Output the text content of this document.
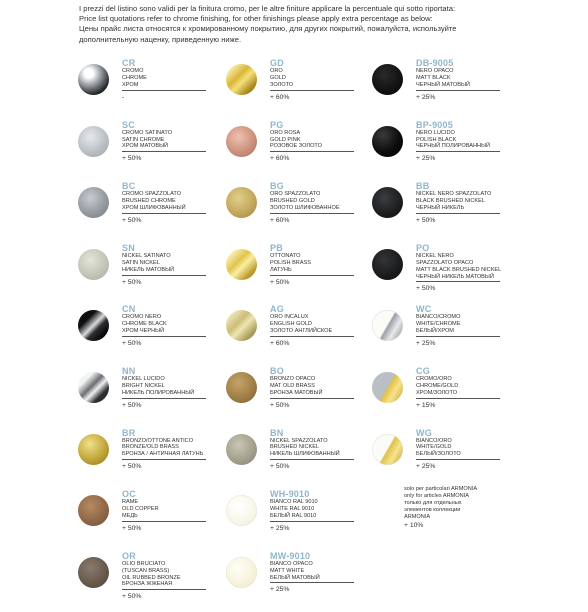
I prezzi del listino sono validi per la finitura cromo, per le altre finiture applicare la percentuale qui sotto riportata:
Price list quotations refer to chrome finishing, for other finishings please apply extra percentage as below:
Цены прайс листа относятся к хромированному покрытию, для других покрытий, пожалуйста, используйте
дополнительную наценку, приведенную ниже.
CR
CROMO
CHROME
ХРОМ
-
SC
CROMO SATINATO
SATIN CHROME
ХРОМ МАТОВЫЙ
+ 50%
BC
CROMO SPAZZOLATO
BRUSHED CHROME
ХРОМ ШЛИФОВАННЫЙ
+ 50%
SN
NICKEL SATINATO
SATIN NICKEL
НИКЕЛЬ МАТОВЫЙ
+ 50%
CN
CROMO NERO
CHROME BLACK
ХРОМ ЧЕРНЫЙ
+ 50%
NN
NICKEL LUCIDO
BRIGHT NICKEL
НИКЕЛЬ ПОЛИРОВАННЫЙ
+ 50%
BR
BRONZO/OTTONE ANTICO
BRONZE/OLD BRASS
БРОНЗА / АНТИЧНАЯ ЛАТУНЬ
+ 50%
OC
RAME
OLD COPPER
МЕДЬ
+ 50%
OR
OLIO BRUCIATO
(TUSCAN BRASS)
OIL RUBBED BRONZE
БРОНЗА ЖЖЕНАЯ
+ 50%
GD
ORO
GOLD
ЗОЛОТО
+ 60%
PG
ORO ROSA
GOLD PINK
РОЗОВОЕ ЗОЛОТО
+ 60%
BG
ORO SPAZZOLATO
BRUSHED GOLD
ЗОЛОТО ШЛИФОВАННОЕ
+ 60%
PB
OTTONATO
POLISH BRASS
ЛАТУНЬ
+ 50%
AG
ORO INCALUX
ENGLISH GOLD
ЗОЛОТО АНГЛИЙСКОЕ
+ 60%
BO
BRONZO OPACO
MAT OLD BRASS
БРОНЗА МАТОВЫЙ
+ 50%
BN
NICKEL SPAZZOLATO
BRUSHED NICKEL
НИКЕЛЬ ШЛИФОВАННЫЙ
+ 50%
WH-9010
BIANCO RAL 9010
WHITE RAL 9010
БЕЛЫЙ RAL 9010
+ 25%
MW-9010
BIANCO OPACO
MATT WHITE
БЕЛЫЙ МАТОВЫЙ
+ 25%
DB-9005
NERO OPACO
MATT BLACK
ЧЕРНЫЙ МАТОВЫЙ
+ 25%
BP-9005
NERO LUCIDO
POLISH BLACK
ЧЕРНЫЙ ПОЛИРОВАННЫЙ
+ 25%
BB
NICKEL NERO SPAZZOLATO
BLACK BRUSHED NICKEL
ЧЕРНЫЙ НИКЕЛЬ
+ 50%
PO
NICKEL NERO
SPAZZOLATO OPACO
MATT BLACK BRUSHED NICKEL
ЧЕРНЫЙ НИКЕЛЬ МАТОВЫЙ
+ 50%
WC
BIANCO/CROMO
WHITE/CHROME
БЕЛЫЙ/ХРОМ
+ 25%
CG
CROMO/ORO
CHROME/GOLD
ХРОМ/ЗОЛОТО
+ 15%
WG
BIANCO/ORO
WHITE/GOLD
БЕЛЫЙ/ЗОЛОТО
+ 25%
solo per particolari ARMONIA
only for articles ARMONIA
только для отдельных
элементов коллекции
ARMONIA
+ 10%
